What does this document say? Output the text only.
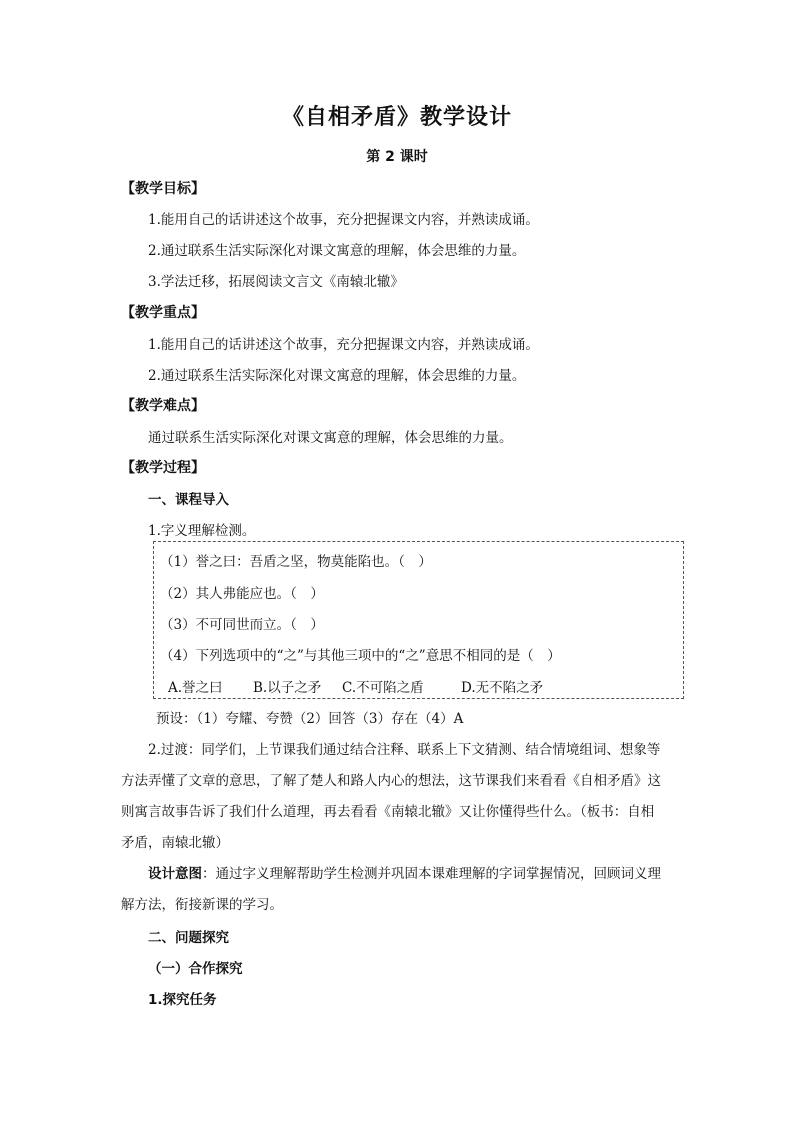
《自相矛盾》教学设计
第 2 课时
【教学目标】
1.能用自己的话讲述这个故事，充分把握课文内容，并熟读成诵。
2.通过联系生活实际深化对课文寓意的理解，体会思维的力量。
3.学法迁移，拓展阅读文言文《南辕北辙》
【教学重点】
1.能用自己的话讲述这个故事，充分把握课文内容，并熟读成诵。
2.通过联系生活实际深化对课文寓意的理解，体会思维的力量。
【教学难点】
通过联系生活实际深化对课文寓意的理解，体会思维的力量。
【教学过程】
一、课程导入
1.字义理解检测。
（1）誉之曰：吾盾之坚，物莫能陷也。（　）
（2）其人弗能应也。（　）
（3）不可同世而立。（　）
（4）下列选项中的“之”与其他三项中的“之”意思不相同的是（　）
A.誉之曰 B.以子之矛 C.不可陷之盾	D.无不陷之矛
预设：（1）夸耀、夸赞（2）回答（3）存在（4）A
2.过渡：同学们，上节课我们通过结合注释、联系上下文猜测、结合情境组词、想象等
方法弄懂了文章的意思，了解了楚人和路人内心的想法，这节课我们来看看《自相矛盾》这
则寓言故事告诉了我们什么道理，再去看看《南辕北辙》又让你懂得些什么。（板书：自相
矛盾，南辕北辙）
设计意图：通过字义理解帮助学生检测并巩固本课难理解的字词掌握情况，回顾词义理
解方法，衔接新课的学习。
二、问题探究
（一）合作探究
1.探究任务
